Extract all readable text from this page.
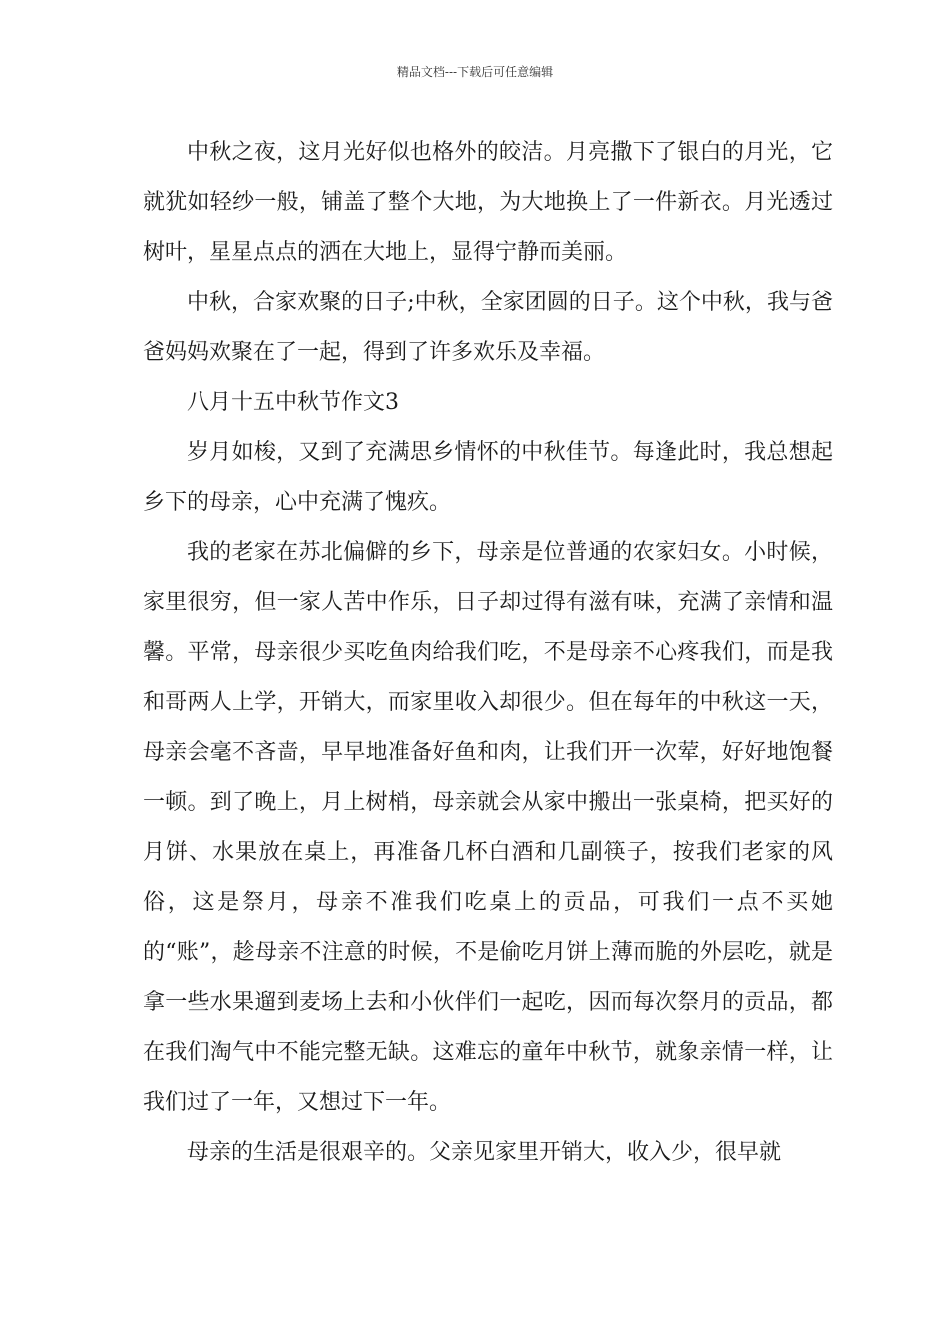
精品文档---下载后可任意编辑

中秋之夜，这月光好似也格外的皎洁。月亮撒下了银白的月光，它就犹如轻纱一般，铺盖了整个大地，为大地换上了一件新衣。月光透过树叶，星星点点的洒在大地上，显得宁静而美丽。

中秋，合家欢聚的日子;中秋，全家团圆的日子。这个中秋，我与爸爸妈妈欢聚在了一起，得到了许多欢乐及幸福。

八月十五中秋节作文3

岁月如梭，又到了充满思乡情怀的中秋佳节。每逢此时，我总想起乡下的母亲，心中充满了愧疚。

我的老家在苏北偏僻的乡下，母亲是位普通的农家妇女。小时候，家里很穷，但一家人苦中作乐，日子却过得有滋有味，充满了亲情和温馨。平常，母亲很少买吃鱼肉给我们吃，不是母亲不心疼我们，而是我和哥两人上学，开销大，而家里收入却很少。但在每年的中秋这一天，母亲会毫不吝啬，早早地准备好鱼和肉，让我们开一次荤，好好地饱餐一顿。到了晚上，月上树梢，母亲就会从家中搬出一张桌椅，把买好的月饼、水果放在桌上，再准备几杯白酒和几副筷子，按我们老家的风俗，这是祭月，母亲不准我们吃桌上的贡品，可我们一点不买她的“账”，趁母亲不注意的时候，不是偷吃月饼上薄而脆的外层吃，就是拿一些水果遛到麦场上去和小伙伴们一起吃，因而每次祭月的贡品，都在我们淘气中不能完整无缺。这难忘的童年中秋节，就象亲情一样，让我们过了一年，又想过下一年。

母亲的生活是很艰辛的。父亲见家里开销大，收入少，很早就
